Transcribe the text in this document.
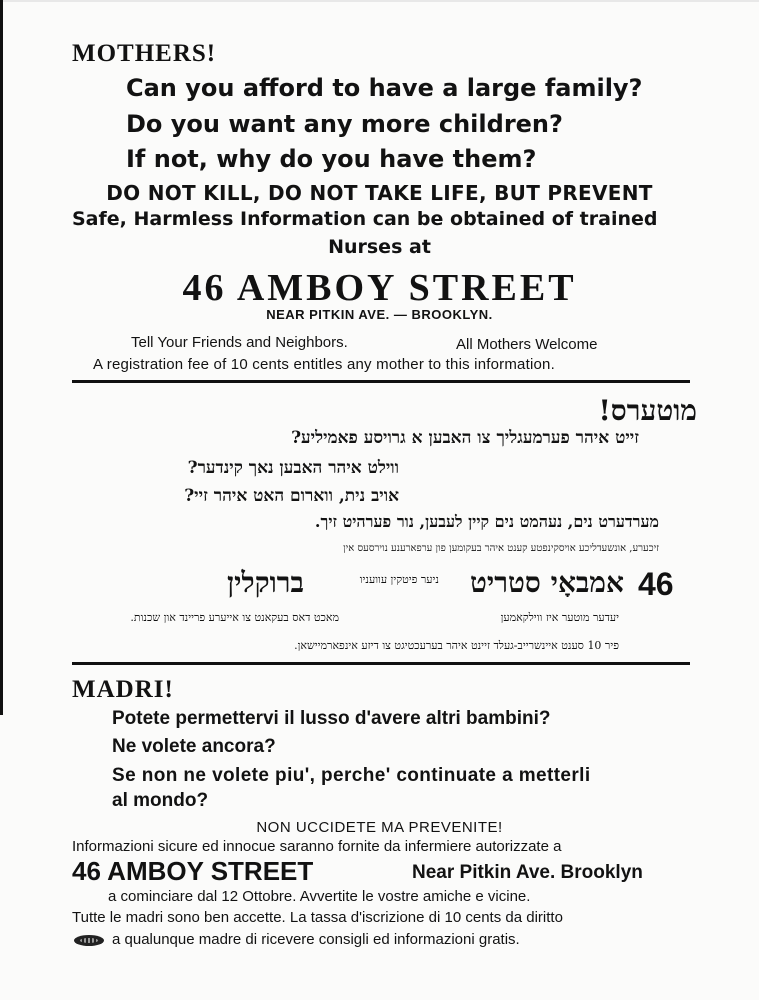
MOTHERS!
Can you afford to have a large family?
Do you want any more children?
If not, why do you have them?
DO NOT KILL, DO NOT TAKE LIFE, BUT PREVENT
Safe, Harmless Information can be obtained of trained
Nurses at
46 AMBOY STREET
NEAR PITKIN AVE. — BROOKLYN.
Tell Your Friends and Neighbors.	All Mothers Welcome
A registration fee of 10 cents entitles any mother to this information.
מוטערס!
זייט איהר פערמעגליך צו האבען א גרויסע פאמיליע?
ווילט איהר האבען נאך קינדער?
אויב נית, ווארום האט איהר זיי?
מערדערט נים, נעהמט נים קיין לעבען, נור פערהיט זיך.
זיכערע, אונשעדליכע אויסקינפטע קענט איהר בעקומען פון ערפארענע נוירסעס אין
46
אמבאָי סטריט
ניער פיטקין עוועניו
ברוקלין
מאכט דאס בעקאנט צו אייערע פריינד און שכנות.	יעדער מוטער איז ווילקאמען
פיר 10 סענט איינשרייב-געלד זיינט איהר בערעכטיגט צו דיזע אינפארמיישאן.
MADRI!
Potete permettervi il lusso d'avere altri bambini?
Ne volete ancora?
Se non ne volete piu', perche' continuate a metterli
al mondo?
NON UCCIDETE MA PREVENITE!
Informazioni sicure ed innocue saranno fornite da infermiere autorizzate a
46 AMBOY STREET	Near Pitkin Ave. Brooklyn
a cominciare dal 12 Ottobre. Avvertite le vostre amiche e vicine.
Tutte le madri sono ben accette. La tassa d'iscrizione di 10 cents da diritto
a qualunque madre di ricevere consigli ed informazioni gratis.
